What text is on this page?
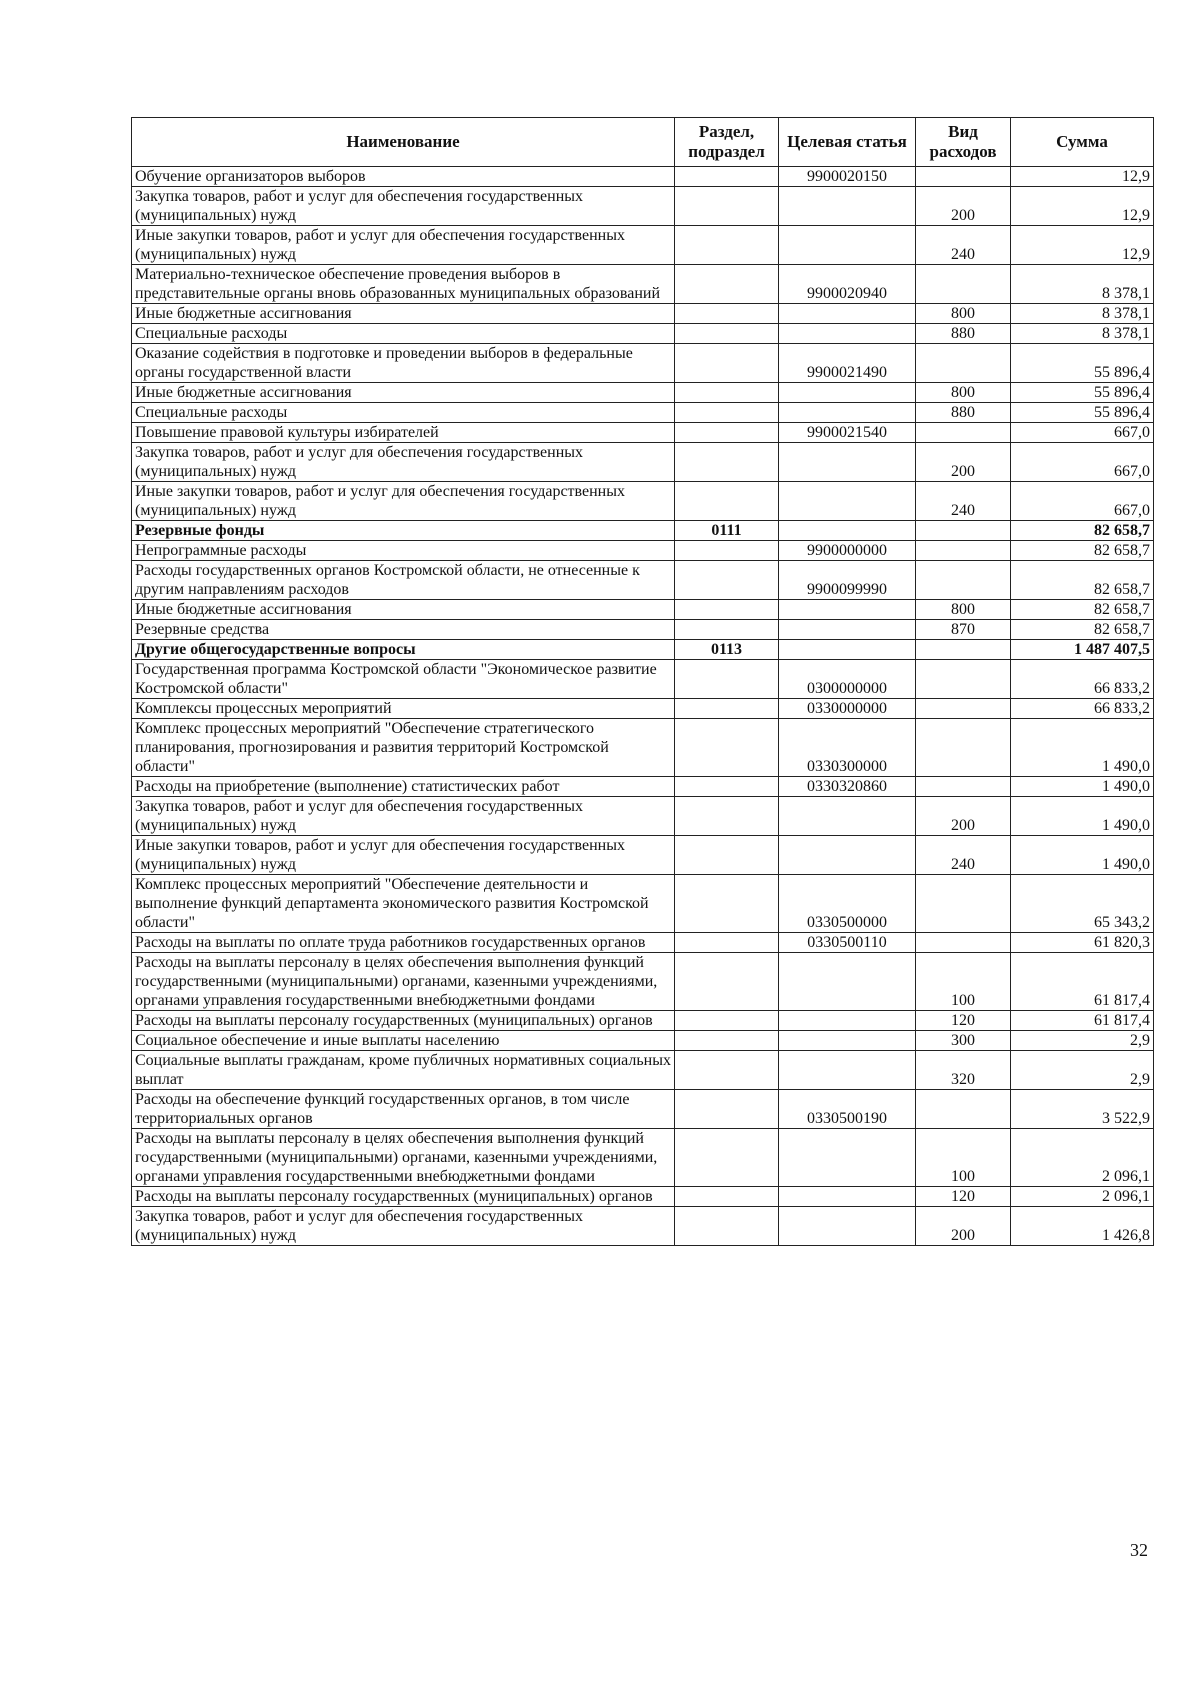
Наименование	Раздел, подраздел	Целевая статья	Вид расходов	Сумма
Обучение организаторов выборов		9900020150		12,9
Закупка товаров, работ и услуг для обеспечения государственных (муниципальных) нужд			200	12,9
Иные закупки товаров, работ и услуг для обеспечения государственных (муниципальных) нужд			240	12,9
Материально-техническое обеспечение проведения выборов в представительные органы вновь образованных муниципальных образований		9900020940		8 378,1
Иные бюджетные ассигнования			800	8 378,1
Специальные расходы			880	8 378,1
Оказание содействия в подготовке и проведении выборов в федеральные органы государственной власти		9900021490		55 896,4
Иные бюджетные ассигнования			800	55 896,4
Специальные расходы			880	55 896,4
Повышение правовой культуры избирателей		9900021540		667,0
Закупка товаров, работ и услуг для обеспечения государственных (муниципальных) нужд			200	667,0
Иные закупки товаров, работ и услуг для обеспечения государственных (муниципальных) нужд			240	667,0
Резервные фонды	0111			82 658,7
Непрограммные расходы		9900000000		82 658,7
Расходы государственных органов Костромской области, не отнесенные к другим направлениям расходов		9900099990		82 658,7
Иные бюджетные ассигнования			800	82 658,7
Резервные средства			870	82 658,7
Другие общегосударственные вопросы	0113			1 487 407,5
Государственная программа Костромской области "Экономическое развитие Костромской области"		0300000000		66 833,2
Комплексы процессных мероприятий		0330000000		66 833,2
Комплекс процессных мероприятий "Обеспечение стратегического планирования, прогнозирования и развития территорий Костромской области"		0330300000		1 490,0
Расходы на приобретение (выполнение) статистических работ		0330320860		1 490,0
Закупка товаров, работ и услуг для обеспечения государственных (муниципальных) нужд			200	1 490,0
Иные закупки товаров, работ и услуг для обеспечения государственных (муниципальных) нужд			240	1 490,0
Комплекс процессных мероприятий "Обеспечение деятельности и выполнение функций департамента экономического развития Костромской области"		0330500000		65 343,2
Расходы на выплаты по оплате труда работников государственных органов		0330500110		61 820,3
Расходы на выплаты персоналу в целях обеспечения выполнения функций государственными (муниципальными) органами, казенными учреждениями, органами управления государственными внебюджетными фондами			100	61 817,4
Расходы на выплаты персоналу государственных (муниципальных) органов			120	61 817,4
Социальное обеспечение и иные выплаты населению			300	2,9
Социальные выплаты гражданам, кроме публичных нормативных социальных выплат			320	2,9
Расходы на обеспечение функций государственных органов, в том числе территориальных органов		0330500190		3 522,9
Расходы на выплаты персоналу в целях обеспечения выполнения функций государственными (муниципальными) органами, казенными учреждениями, органами управления государственными внебюджетными фондами			100	2 096,1
Расходы на выплаты персоналу государственных (муниципальных) органов			120	2 096,1
Закупка товаров, работ и услуг для обеспечения государственных (муниципальных) нужд			200	1 426,8
32
